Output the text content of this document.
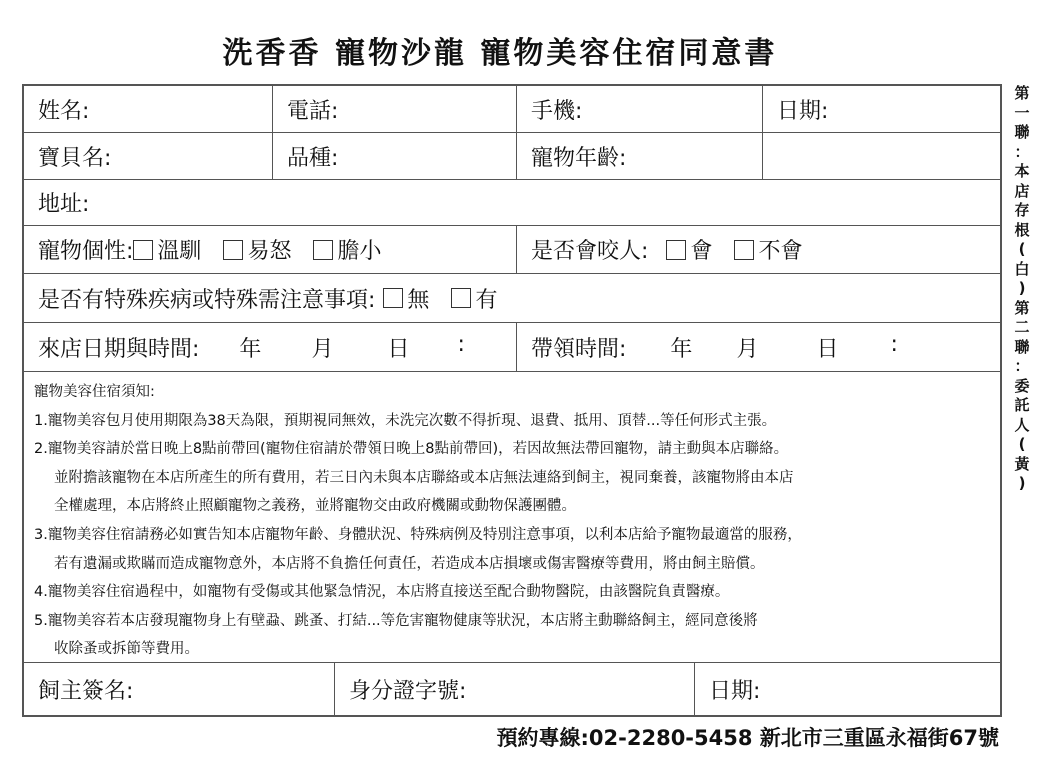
洗香香 寵物沙龍 寵物美容住宿同意書
姓名:	電話:	手機:	日期:
寶貝名:	品種:	寵物年齡:
地址:
寵物個性: 溫馴 易怒 膽小	是否會咬人: 會 不會
是否有特殊疾病或特殊需注意事項: 無 有
來店日期與時間: 年 月 日 :	帶領時間: 年 月	日 :
寵物美容住宿須知:
1.寵物美容包月使用期限為38天為限，預期視同無效，未洗完次數不得折現、退費、抵用、頂替...等任何形式主張。
2.寵物美容請於當日晚上8點前帶回(寵物住宿請於帶領日晚上8點前帶回)，若因故無法帶回寵物，請主動與本店聯絡。
並附擔該寵物在本店所產生的所有費用，若三日內未與本店聯絡或本店無法連絡到飼主，視同棄養，該寵物將由本店
全權處理，本店將終止照顧寵物之義務，並將寵物交由政府機關或動物保護團體。
3.寵物美容住宿請務必如實告知本店寵物年齡、身體狀況、特殊病例及特別注意事項，以利本店給予寵物最適當的服務，
若有遺漏或欺瞞而造成寵物意外，本店將不負擔任何責任，若造成本店損壞或傷害醫療等費用，將由飼主賠償。
4.寵物美容住宿過程中，如寵物有受傷或其他緊急情況，本店將直接送至配合動物醫院，由該醫院負責醫療。
5.寵物美容若本店發現寵物身上有壁蝨、跳蚤、打結...等危害寵物健康等狀況，本店將主動聯絡飼主，經同意後將
收除蚤或拆節等費用。
飼主簽名:	身分證字號:	日期:
預約專線:02-2280-5458 新北市三重區永福街67號
第
一
聯
：
本
店
存
根
(
白
)
第
二
聯
：
委
託
人
(
黃
)
